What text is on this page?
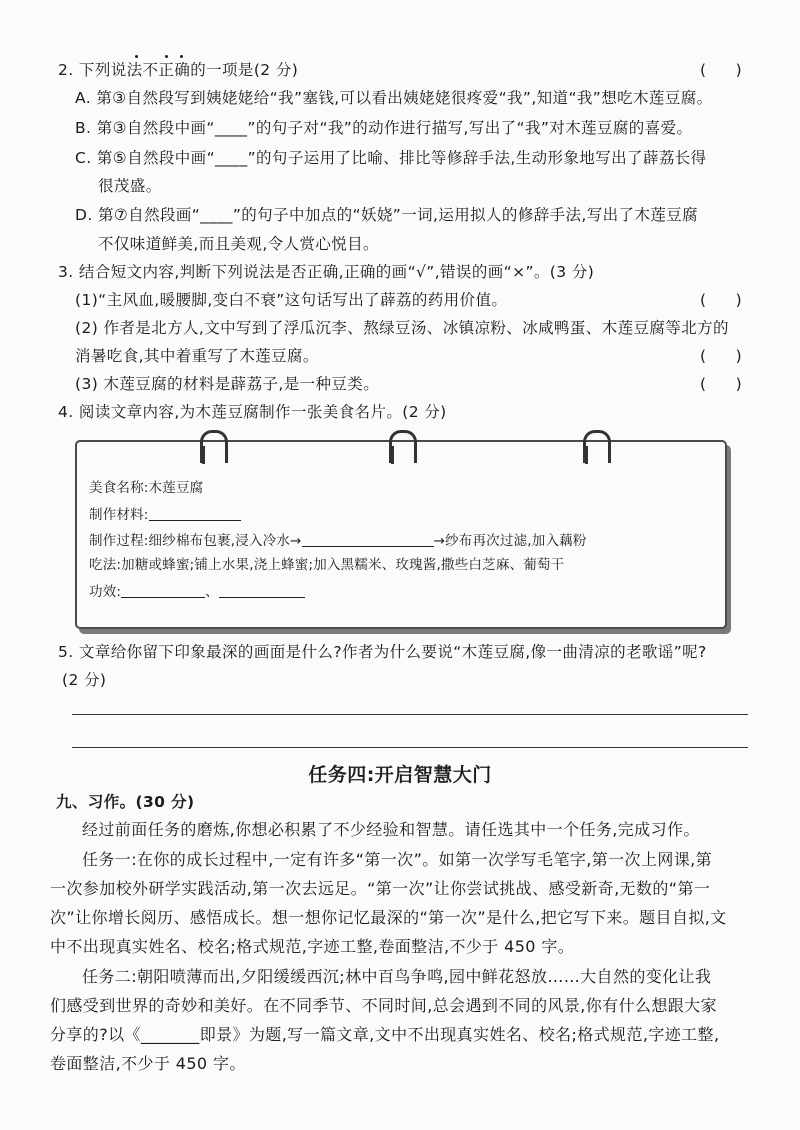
2. 下列说法不正确的一项是(2 分)	(      )
A. 第③自然段写到姨姥姥给“我”塞钱,可以看出姨姥姥很疼爱“我”,知道“我”想吃木莲豆腐。
B. 第③自然段中画“____”的句子对“我”的动作进行描写,写出了“我”对木莲豆腐的喜爱。
C. 第⑤自然段中画“____”的句子运用了比喻、排比等修辞手法,生动形象地写出了薜荔长得
很茂盛。
D. 第⑦自然段画“____”的句子中加点的“妖娆”一词,运用拟人的修辞手法,写出了木莲豆腐
不仅味道鲜美,而且美观,令人赏心悦目。
3. 结合短文内容,判断下列说法是否正确,正确的画“√”,错误的画“×”。(3 分)
(1)“主风血,暖腰脚,变白不衰”这句话写出了薜荔的药用价值。	(      )
(2) 作者是北方人,文中写到了浮瓜沉李、熬绿豆汤、冰镇凉粉、冰咸鸭蛋、木莲豆腐等北方的
消暑吃食,其中着重写了木莲豆腐。	(      )
(3) 木莲豆腐的材料是薜荔子,是一种豆类。	(      )
4. 阅读文章内容,为木莲豆腐制作一张美食名片。(2 分)
美食名称:木莲豆腐
制作材料:
制作过程:细纱棉布包裹,浸入冷水→	→纱布再次过滤,加入藕粉
吃法:加糖或蜂蜜;铺上水果,浇上蜂蜜;加入黑糯米、玫瑰酱,撒些白芝麻、葡萄干
功效:	、
5. 文章给你留下印象最深的画面是什么?作者为什么要说“木莲豆腐,像一曲清凉的老歌谣”呢?
(2 分)
任务四:开启智慧大门
九、习作。(30 分)
经过前面任务的磨炼,你想必积累了不少经验和智慧。请任选其中一个任务,完成习作。
任务一:在你的成长过程中,一定有许多“第一次”。如第一次学写毛笔字,第一次上网课,第
一次参加校外研学实践活动,第一次去远足。“第一次”让你尝试挑战、感受新奇,无数的“第一
次”让你增长阅历、感悟成长。想一想你记忆最深的“第一次”是什么,把它写下来。题目自拟,文
中不出现真实姓名、校名;格式规范,字迹工整,卷面整洁,不少于 450 字。
任务二:朝阳喷薄而出,夕阳缓缓西沉;林中百鸟争鸣,园中鲜花怒放……大自然的变化让我
们感受到世界的奇妙和美好。在不同季节、不同时间,总会遇到不同的风景,你有什么想跟大家
分享的?以《_______即景》为题,写一篇文章,文中不出现真实姓名、校名;格式规范,字迹工整,
卷面整洁,不少于 450 字。
